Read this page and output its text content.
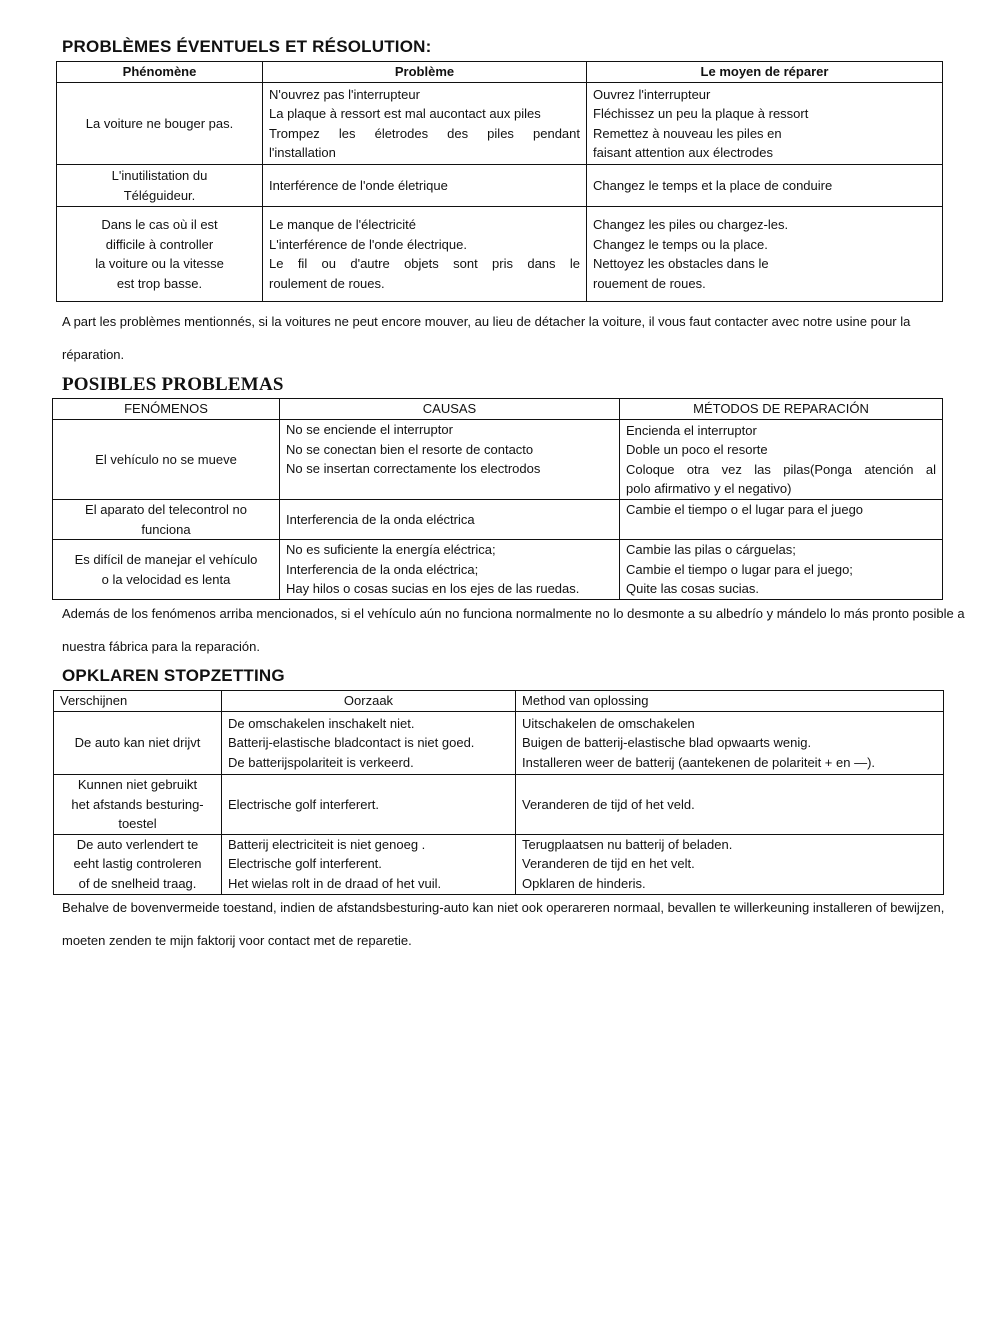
PROBLÈMES ÉVENTUELS ET RÉSOLUTION:
Phénomène	Problème	Le moyen de réparer

La voiture ne bouger pas.	N'ouvrez pas l'interrupteur
La plaque à ressort est mal aucontact aux piles
Trompez les életrodes des piles pendant
l'installation	Ouvrez l'interrupteur
Fléchissez un peu la plaque à ressort
Remettez à nouveau les piles en
faisant attention aux électrodes

L'inutilistation du
Téléguideur.	Interférence de l'onde életrique	Changez le temps et la place de conduire

Dans le cas où il est
difficile à controller
la voiture ou la vitesse
est trop basse.	Le manque de l'électricité
L'interférence de l'onde électrique.
Le fil ou d'autre objets sont pris dans le
roulement de roues.	Changez les piles ou chargez-les.
Changez le temps ou la place.
Nettoyez les obstacles dans le
rouement de roues.

A part les problèmes mentionnés, si la voitures ne peut encore mouver, au lieu de détacher la voiture, il vous faut contacter avec notre usine pour la réparation.

POSIBLES PROBLEMAS
FENÓMENOS	CAUSAS	MÉTODOS DE REPARACIÓN

El vehículo no se mueve	No se enciende el interruptor
No se conectan bien el resorte de contacto
No se insertan correctamente los electrodos	Encienda el interruptor
Doble un poco el resorte
Coloque otra vez las pilas(Ponga atención al
polo afirmativo y el negativo)

El aparato del telecontrol no
funciona	Interferencia de la onda eléctrica	Cambie el tiempo o el lugar para el juego

Es difícil de manejar el vehículo
o la velocidad es lenta	No es suficiente la energía eléctrica;
Interferencia de la onda eléctrica;
Hay hilos o cosas sucias en los ejes de las ruedas.	Cambie las pilas o cárguelas;
Cambie el tiempo o lugar para el juego;
Quite las cosas sucias.

Además de los fenómenos arriba mencionados, si el vehículo aún no funciona normalmente no lo desmonte a su albedrío y mándelo lo más pronto posible a nuestra fábrica para la reparación.

OPKLAREN STOPZETTING
Verschijnen	Oorzaak	Method van oplossing

De auto kan niet drijvt	De omschakelen inschakelt niet.
Batterij-elastische bladcontact is niet goed.
De batterijspolariteit is verkeerd.	Uitschakelen de omschakelen
Buigen de batterij-elastische blad opwaarts wenig.
Installeren weer de batterij (aantekenen de polariteit + en —).

Kunnen niet gebruikt
het afstands besturing-
toestel	Electrische golf interferert.	Veranderen de tijd of het veld.

De auto verlendert te
eeht lastig controleren
of de snelheid traag.	Batterij electriciteit is niet genoeg .
Electrische golf interferent.
Het wielas rolt in de draad of het vuil.	Terugplaatsen nu batterij of beladen.
Veranderen de tijd en het velt.
Opklaren de hinderis.

Behalve de bovenvermeide toestand, indien de afstandsbesturing-auto kan niet ook operareren normaal, bevallen te willerkeuning installeren of bewijzen, moeten zenden te mijn faktorij voor contact met de reparetie.
